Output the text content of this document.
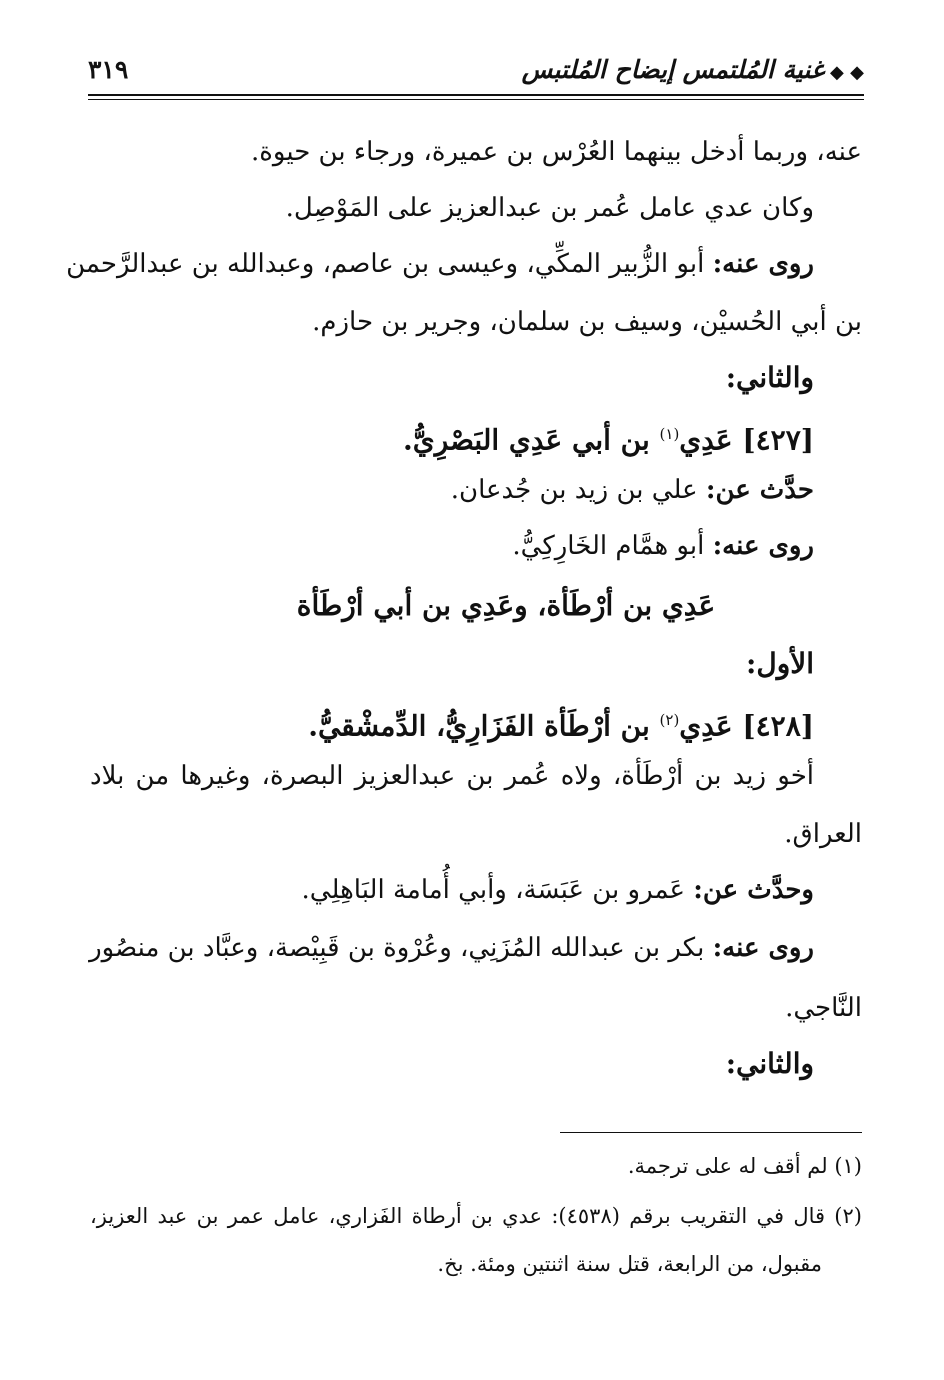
◆ ◆غنية المُلتمس إيضاح المُلتبس
٣١٩
عنه، وربما أدخل بينهما العُرْس بن عميرة، ورجاء بن حيوة.
وكان عدي عامل عُمر بن عبدالعزيز على المَوْصِل.
روى عنه: أبو الزُّبير المكِّي، وعيسى بن عاصم، وعبدالله بن عبدالرَّحمن
بن أبي الحُسيْن، وسيف بن سلمان، وجرير بن حازم.
والثاني:
[٤٢٧] عَدِي$^{(١)}$ بن أبي عَدِي البَصْرِيُّ.
حدَّث عن: علي بن زيد بن جُدعان.
روى عنه: أبو همَّام الخَارِكِيُّ.
عَدِي بن أرْطَأة، وعَدِي بن أبي أرْطَأة
الأول:
[٤٢٨] عَدِي$^{(٢)}$ بن أرْطَأة الفَزَارِيُّ، الدِّمشْقيُّ.
أخو زيد بن أرْطَأة، ولاه عُمر بن عبدالعزيز البصرة، وغيرها من بلاد
العراق.
وحدَّث عن: عَمرو بن عَبَسَة، وأبي أُمامة البَاهِلِي.
روى عنه: بكر بن عبدالله المُزَنِي، وعُرْوة بن قَبِيْصة، وعبَّاد بن منصُور
النَّاجي.
والثاني:
(١) لم أقف له على ترجمة.
(٢) قال في التقريب برقم (٤٥٣٨): عدي بن أرطاة الفَزاري، عامل عمر بن عبد العزيز،
مقبول، من الرابعة، قتل سنة اثنتين ومئة. بخ.
